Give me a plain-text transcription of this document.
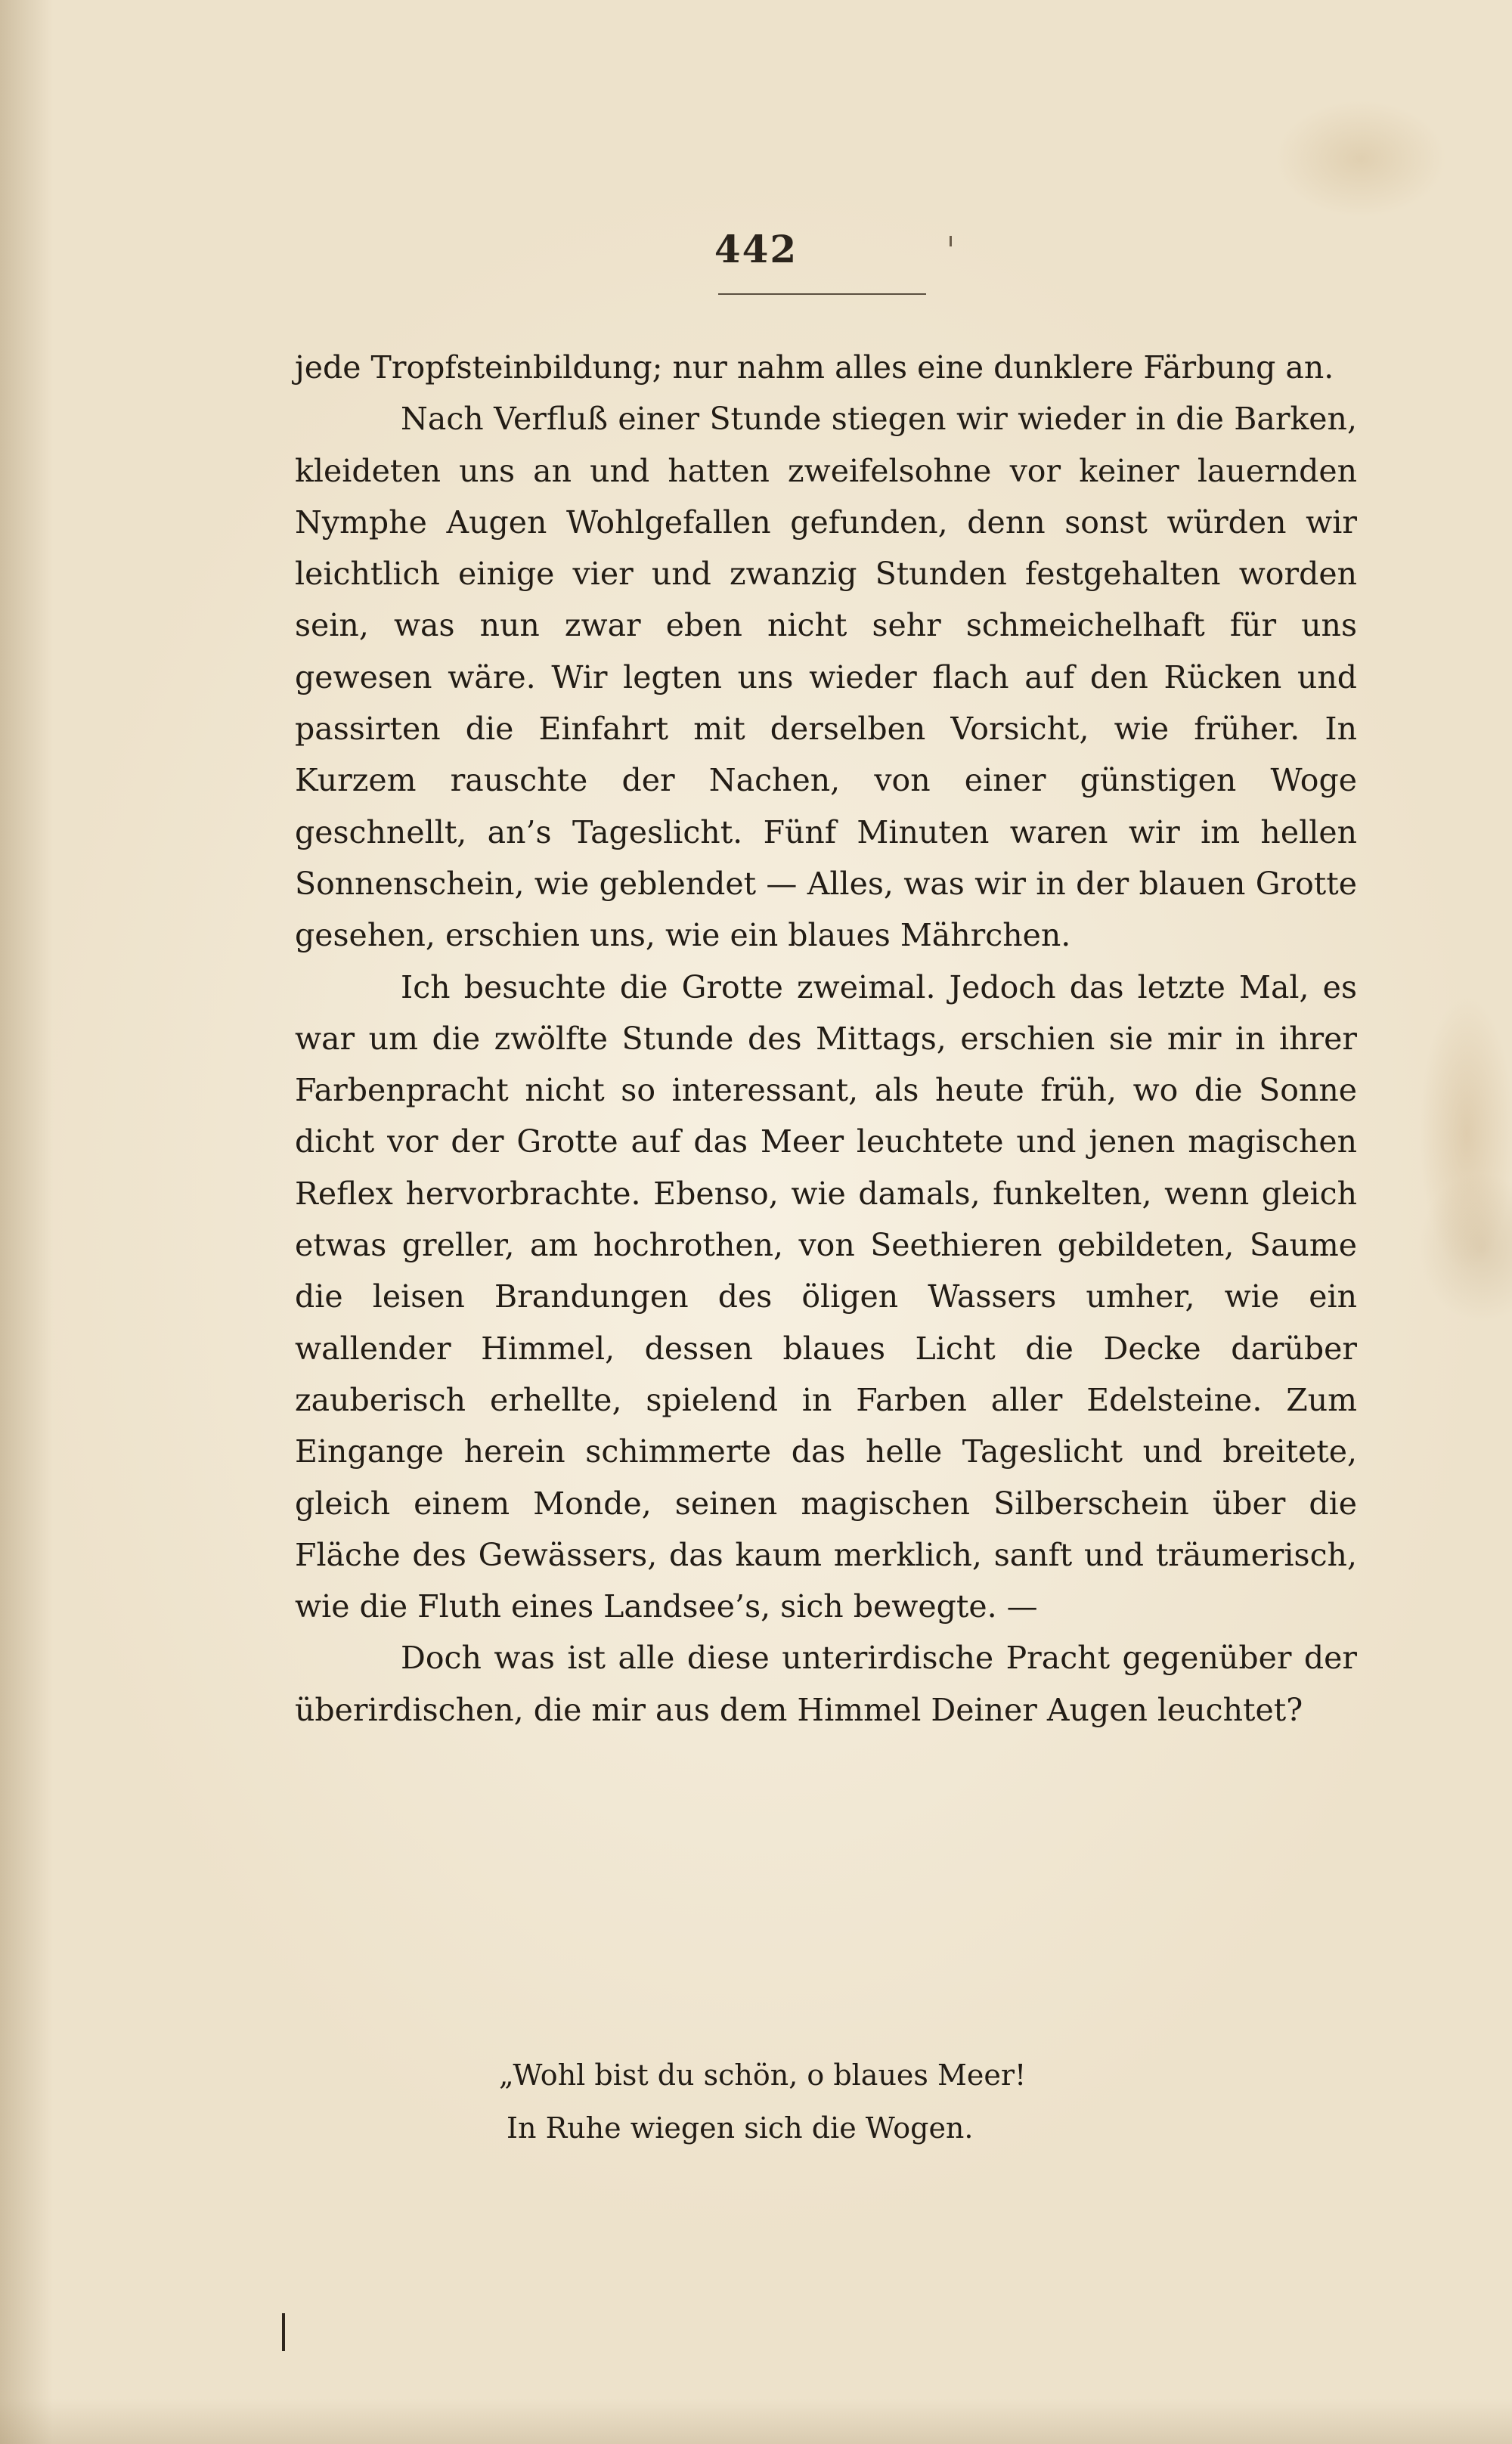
442

jede Tropfsteinbildung; nur nahm alles eine dunklere Färbung an.

Nach Verfluß einer Stunde stiegen wir wieder in die Barken, kleideten uns an und hatten zweifelsohne vor keiner lauernden Nymphe Augen Wohlgefallen gefunden, denn sonst würden wir leichtlich einige vier und zwanzig Stunden festgehalten worden sein, was nun zwar eben nicht sehr schmeichelhaft für uns gewesen wäre. Wir legten uns wieder flach auf den Rücken und passirten die Einfahrt mit derselben Vorsicht, wie früher. In Kurzem rauschte der Nachen, von einer günstigen Woge geschnellt, an’s Tageslicht. Fünf Minuten waren wir im hellen Sonnenschein, wie geblendet — Alles, was wir in der blauen Grotte gesehen, erschien uns, wie ein blaues Mährchen.

Ich besuchte die Grotte zweimal. Jedoch das letzte Mal, es war um die zwölfte Stunde des Mittags, erschien sie mir in ihrer Farbenpracht nicht so interessant, als heute früh, wo die Sonne dicht vor der Grotte auf das Meer leuchtete und jenen magischen Reflex hervorbrachte. Ebenso, wie damals, funkelten, wenn gleich etwas greller, am hochrothen, von Seethieren gebildeten, Saume die leisen Brandungen des öligen Wassers umher, wie ein wallender Himmel, dessen blaues Licht die Decke darüber zauberisch erhellte, spielend in Farben aller Edelsteine. Zum Eingange herein schimmerte das helle Tageslicht und breitete, gleich einem Monde, seinen magischen Silberschein über die Fläche des Gewässers, das kaum merklich, sanft und träumerisch, wie die Fluth eines Landsee’s, sich bewegte. —

Doch was ist alle diese unterirdische Pracht gegenüber der überirdischen, die mir aus dem Himmel Deiner Augen leuchtet?

„Wohl bist du schön, o blaues Meer!
In Ruhe wiegen sich die Wogen.
